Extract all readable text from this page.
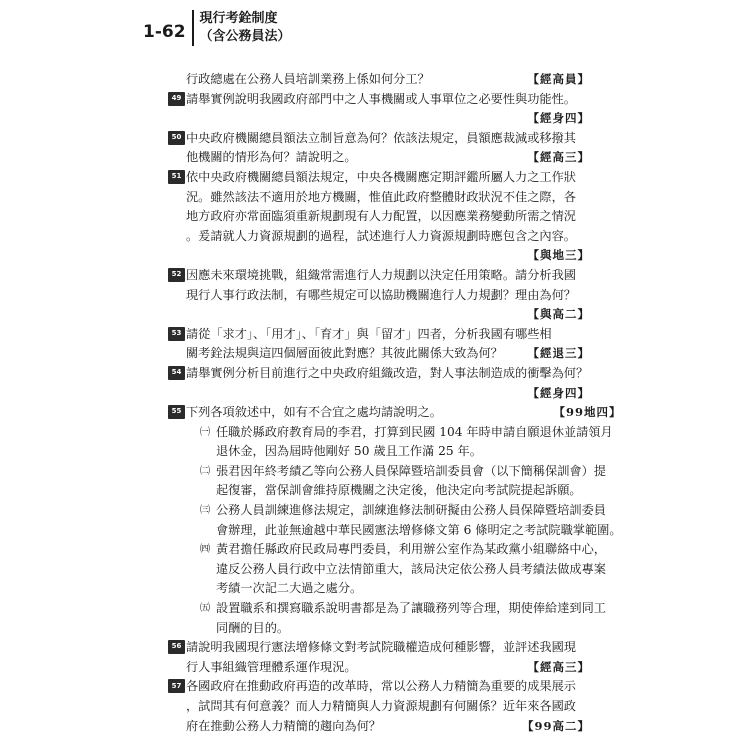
1-62
現行考銓制度
（含公務員法）
行政總處在公務人員培訓業務上係如何分工？	【經高員】
49 請舉實例說明我國政府部門中之人事機關或人事單位之必要性與功能性。
【經身四】
50 中央政府機關總員額法立制旨意為何？依該法規定，員額應裁減或移撥其
他機關的情形為何？請說明之。	【經高三】
51 依中央政府機關總員額法規定，中央各機關應定期評鑑所屬人力之工作狀
況。雖然該法不適用於地方機關，惟值此政府整體財政狀況不佳之際，各
地方政府亦常面臨須重新規劃現有人力配置，以因應業務變動所需之情況
。爰請就人力資源規劃的過程，試述進行人力資源規劃時應包含之內容。
【與地三】
52 因應未來環境挑戰，組織常需進行人力規劃以決定任用策略。請分析我國
現行人事行政法制，有哪些規定可以協助機關進行人力規劃？理由為何？
【與高二】
53 請從「求才」、「用才」、「育才」與「留才」四者，分析我國有哪些相
關考銓法規與這四個層面彼此對應？其彼此關係大致為何？ 【經退三】
54 請舉實例分析目前進行之中央政府組織改造，對人事法制造成的衝擊為何？
【經身四】
55 下列各項敘述中，如有不合宜之處均請說明之。	【99地四】
㈠ 任職於縣政府教育局的李君，打算到民國 104 年時申請自願退休並請領月
退休金，因為屆時他剛好 50 歲且工作滿 25 年。
㈡ 張君因年終考績乙等向公務人員保障暨培訓委員會（以下簡稱保訓會）提
起復審，當保訓會維持原機關之決定後，他決定向考試院提起訴願。
㈢ 公務人員訓練進修法規定，訓練進修法制研擬由公務人員保障暨培訓委員
會辦理，此並無逾越中華民國憲法增修條文第 6 條明定之考試院職掌範圍。
㈣ 黃君擔任縣政府民政局專門委員，利用辦公室作為某政黨小組聯絡中心，
違反公務人員行政中立法情節重大，該局決定依公務人員考績法做成專案
考績一次記二大過之處分。
㈤ 設置職系和撰寫職系說明書都是為了讓職務列等合理，期使俸給達到同工
同酬的目的。
56 請說明我國現行憲法增修條文對考試院職權造成何種影響，並評述我國現
行人事組織管理體系運作現況。	【經高三】
57 各國政府在推動政府再造的改革時，常以公務人力精簡為重要的成果展示
，試問其有何意義？而人力精簡與人力資源規劃有何關係？近年來各國政
府在推動公務人力精簡的趨向為何？	【99高二】
